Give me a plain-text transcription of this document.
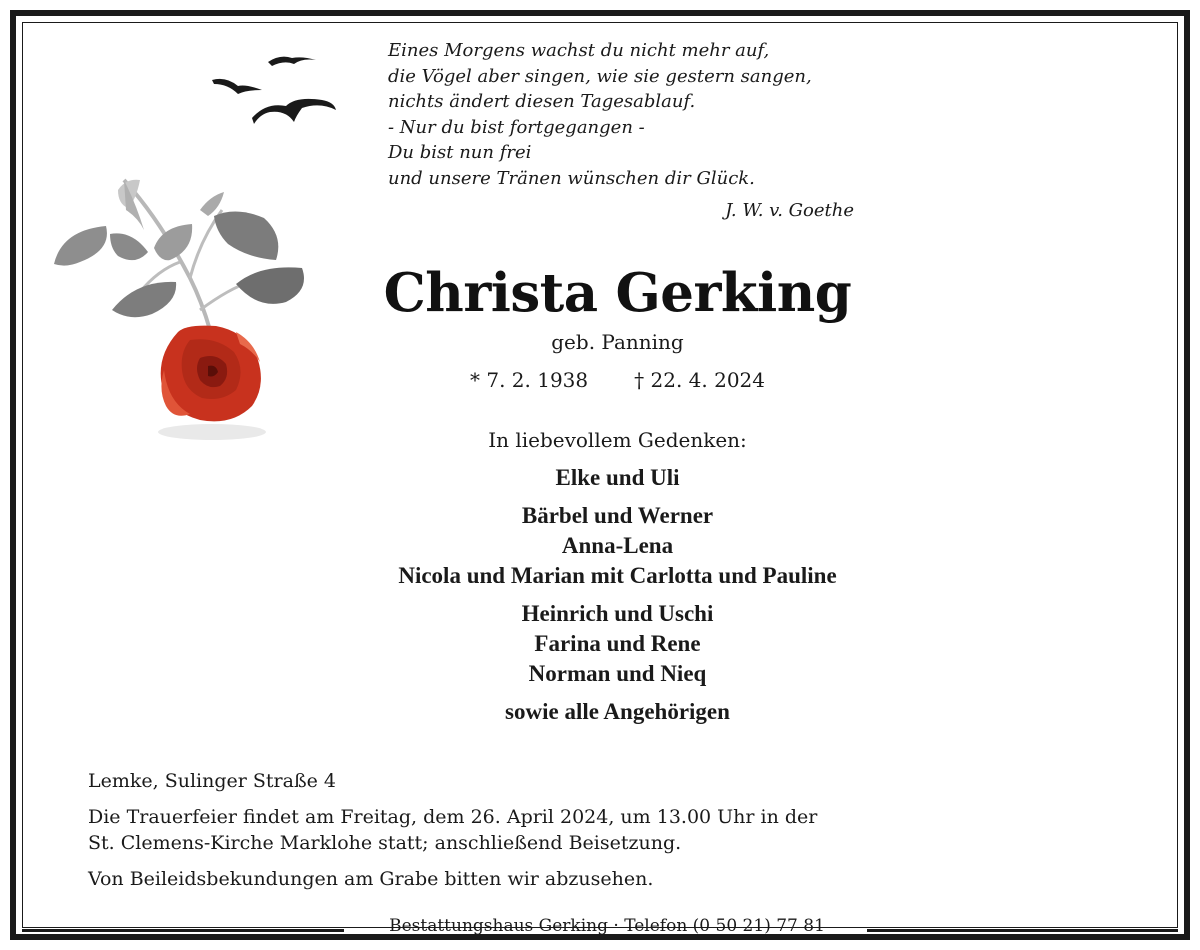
Eines Morgens wachst du nicht mehr auf,
die Vögel aber singen, wie sie gestern sangen,
nichts ändert diesen Tagesablauf.
- Nur du bist fortgegangen -
Du bist nun frei
und unsere Tränen wünschen dir Glück.
J. W. v. Goethe
Christa Gerking
geb. Panning
* 7. 2. 1938 † 22. 4. 2024
In liebevollem Gedenken:
Elke und Uli
Bärbel und Werner
Anna-Lena
Nicola und Marian mit Carlotta und Pauline
Heinrich und Uschi
Farina und Rene
Norman und Nieq
sowie alle Angehörigen
Lemke, Sulinger Straße 4
Die Trauerfeier findet am Freitag, dem 26. April 2024, um 13.00 Uhr in der
St. Clemens-Kirche Marklohe statt; anschließend Beisetzung.
Von Beileidsbekundungen am Grabe bitten wir abzusehen.
Bestattungshaus Gerking · Telefon (0 50 21) 77 81
